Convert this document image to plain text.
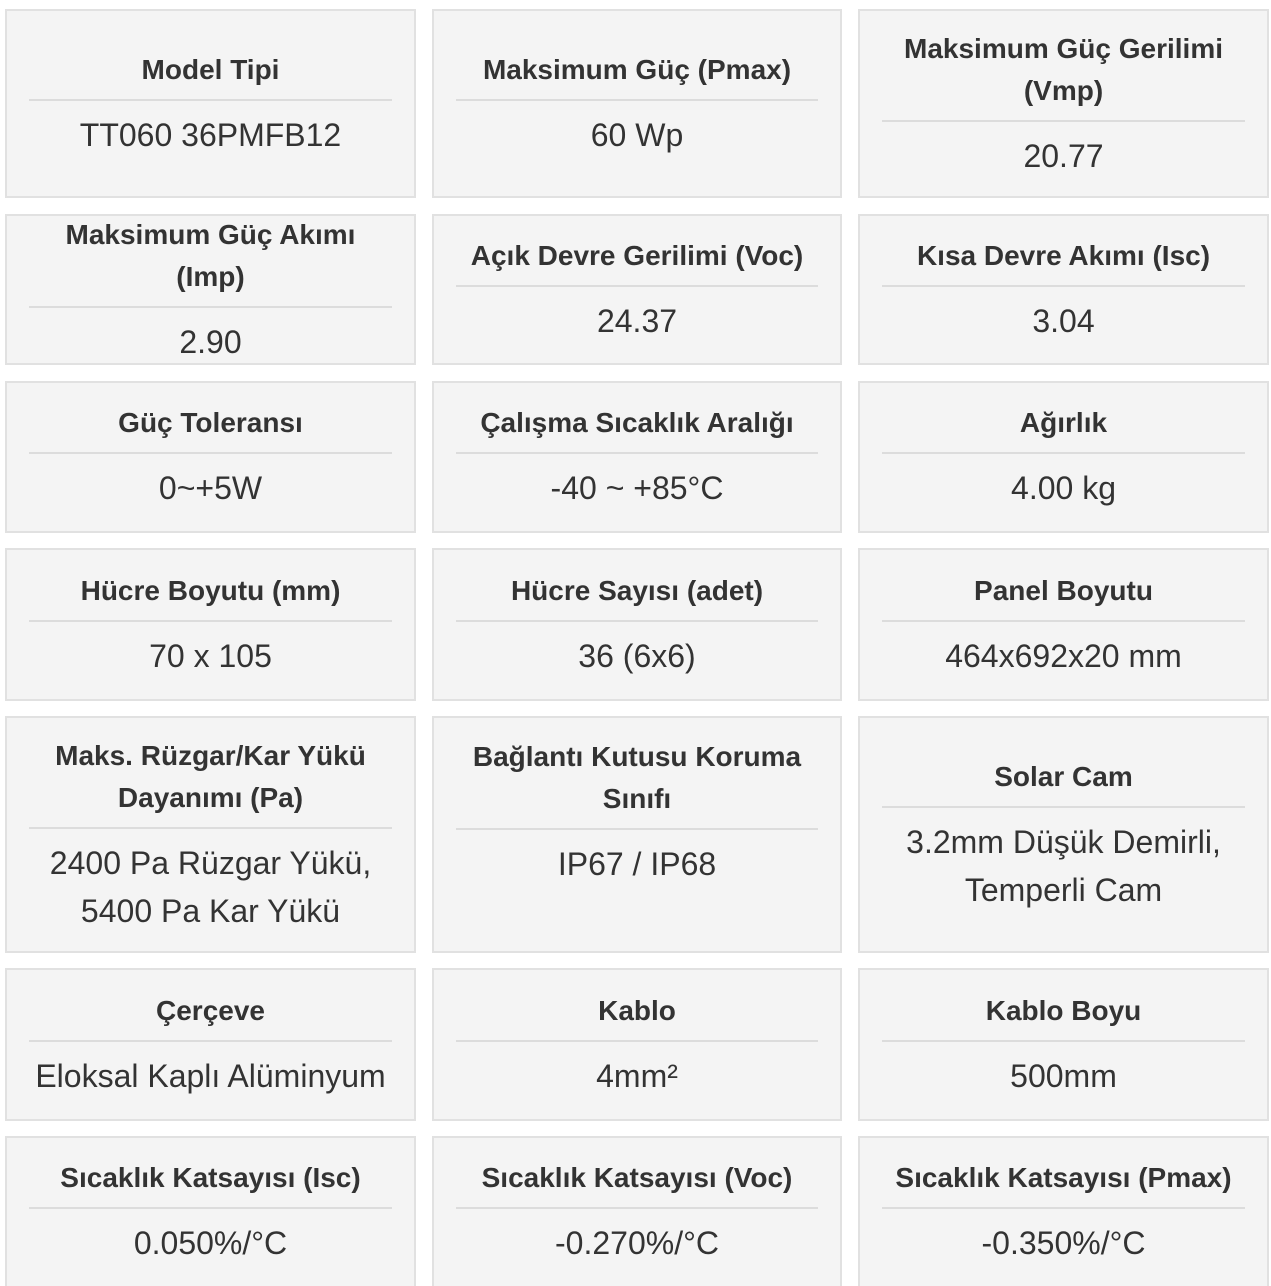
Model Tipi
TT060 36PMFB12
Maksimum Güç (Pmax)
60 Wp
Maksimum Güç Gerilimi (Vmp)
20.77
Maksimum Güç Akımı (Imp)
2.90
Açık Devre Gerilimi (Voc)
24.37
Kısa Devre Akımı (Isc)
3.04
Güç Toleransı
0~+5W
Çalışma Sıcaklık Aralığı
-40 ~ +85°C
Ağırlık
4.00 kg
Hücre Boyutu (mm)
70 x 105
Hücre Sayısı (adet)
36 (6x6)
Panel Boyutu
464x692x20 mm
Maks. Rüzgar/Kar Yükü Dayanımı (Pa)
2400 Pa Rüzgar Yükü, 5400 Pa Kar Yükü
Bağlantı Kutusu Koruma Sınıfı
IP67 / IP68
Solar Cam
3.2mm Düşük Demirli, Temperli Cam
Çerçeve
Eloksal Kaplı Alüminyum
Kablo
4mm²
Kablo Boyu
500mm
Sıcaklık Katsayısı (Isc)
0.050%/°C
Sıcaklık Katsayısı (Voc)
-0.270%/°C
Sıcaklık Katsayısı (Pmax)
-0.350%/°C
